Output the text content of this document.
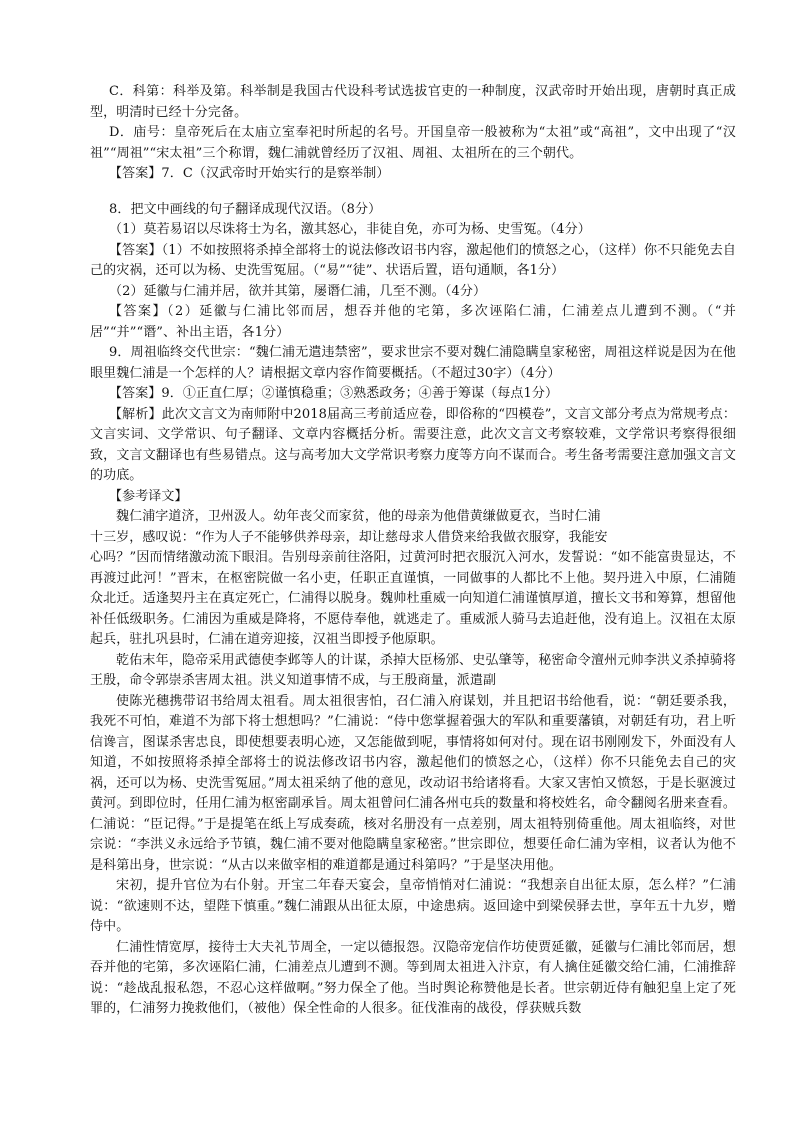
C．科第：科举及第。科举制是我国古代设科考试选拔官吏的一种制度，汉武帝时开始出现，唐朝时真正成型，明清时已经十分完备。

D．庙号：皇帝死后在太庙立室奉祀时所起的名号。开国皇帝一般被称为“太祖”或“高祖”，文中出现了“汉祖”“周祖”“宋太祖”三个称谓，魏仁浦就曾经历了汉祖、周祖、太祖所在的三个朝代。

【答案】7．C（汉武帝时开始实行的是察举制）

8．把文中画线的句子翻译成现代汉语。（8分）

（1）莫若易诏以尽诛将士为名，激其怒心，非徒自免，亦可为杨、史雪冤。（4分）

【答案】（1）不如按照将杀掉全部将士的说法修改诏书内容，激起他们的愤怒之心，（这样）你不只能免去自己的灾祸，还可以为杨、史洗雪冤屈。（“易”“徒”、状语后置，语句通顺，各1分）

（2）延徽与仁浦并居，欲并其第，屡谮仁浦，几至不测。（4分）

【答案】（2）延徽与仁浦比邻而居，想吞并他的宅第，多次诬陷仁浦，仁浦差点儿遭到不测。（“并居”“并”“谮”、补出主语，各1分）

9．周祖临终交代世宗：“魏仁浦无遣违禁密”，要求世宗不要对魏仁浦隐瞒皇家秘密，周祖这样说是因为在他眼里魏仁浦是一个怎样的人？请根据文章内容作简要概括。（不超过30字）（4分）

【答案】9．①正直仁厚；②谨慎稳重；③熟悉政务；④善于筹谋（每点1分）

【解析】此次文言文为南师附中2018届高三考前适应卷，即俗称的“四模卷”，文言文部分考点为常规考点：文言实词、文学常识、句子翻译、文章内容概括分析。需要注意，此次文言文考察较难，文学常识考察得很细致，文言文翻译也有些易错点。这与高考加大文学常识考察力度等方向不谋而合。考生备考需要注意加强文言文的功底。

【参考译文】

魏仁浦字道济，卫州汲人。幼年丧父而家贫，他的母亲为他借黄缣做夏衣，当时仁浦

十三岁，感叹说：“作为人子不能够供养母亲，却让慈母求人借贷来给我做衣服穿，我能安

心吗？”因而情绪激动流下眼泪。告别母亲前往洛阳，过黄河时把衣服沉入河水，发誓说：“如不能富贵显达，不再渡过此河！”晋末，在枢密院做一名小吏，任职正直谨慎，一同做事的人都比不上他。契丹进入中原，仁浦随众北迁。适逢契丹主在真定死亡，仁浦得以脱身。魏帅杜重威一向知道仁浦谨慎厚道，擅长文书和筹算，想留他补任低级职务。仁浦因为重威是降将，不愿侍奉他，就逃走了。重威派人骑马去追赶他，没有追上。汉祖在太原起兵，驻扎巩县时，仁浦在道旁迎接，汉祖当即授予他原职。

乾佑末年，隐帝采用武德使李邺等人的计谋，杀掉大臣杨邠、史弘肇等，秘密命令澶州元帅李洪义杀掉骑将王殷，命令郭崇杀害周太祖。洪义知道事情不成，与王殷商量，派遣副

使陈光穗携带诏书给周太祖看。周太祖很害怕，召仁浦入府谋划，并且把诏书给他看，说：“朝廷要杀我，我死不可怕，难道不为部下将士想想吗？”仁浦说：“侍中您掌握着强大的军队和重要藩镇，对朝廷有功，君上听信谗言，图谋杀害忠良，即使想要表明心迹，又怎能做到呢，事情将如何对付。现在诏书刚刚发下，外面没有人知道，不如按照将杀掉全部将士的说法修改诏书内容，激起他们的愤怒之心，（这样）你不只能免去自己的灾祸，还可以为杨、史洗雪冤屈。”周太祖采纳了他的意见，改动诏书给诸将看。大家又害怕又愤怒，于是长驱渡过黄河。到即位时，任用仁浦为枢密副承旨。周太祖曾问仁浦各州屯兵的数量和将校姓名，命令翻阅名册来查看。仁浦说：“臣记得。”于是提笔在纸上写成奏疏，核对名册没有一点差别，周太祖特别倚重他。周太祖临终，对世宗说：“李洪义永远给予节镇，魏仁浦不要对他隐瞒皇家秘密。”世宗即位，想要任命仁浦为宰相，议者认为他不是科第出身，世宗说：“从古以来做宰相的难道都是通过科第吗？”于是坚决用他。

宋初，提升官位为右仆射。开宝二年春天宴会，皇帝悄悄对仁浦说：“我想亲自出征太原，怎么样？”仁浦说：“欲速则不达，望陛下慎重。”魏仁浦跟从出征太原，中途患病。返回途中到梁侯驿去世，享年五十九岁，赠侍中。

仁浦性情宽厚，接待士大夫礼节周全，一定以德报怨。汉隐帝宠信作坊使贾延徽，延徽与仁浦比邻而居，想吞并他的宅第，多次诬陷仁浦，仁浦差点儿遭到不测。等到周太祖进入汴京，有人擒住延徽交给仁浦，仁浦推辞说：“趁战乱报私怨，不忍心这样做啊。”努力保全了他。当时舆论称赞他是长者。世宗朝近侍有触犯皇上定了死罪的，仁浦努力挽救他们，（被他）保全性命的人很多。征伐淮南的战役，俘获贼兵数
